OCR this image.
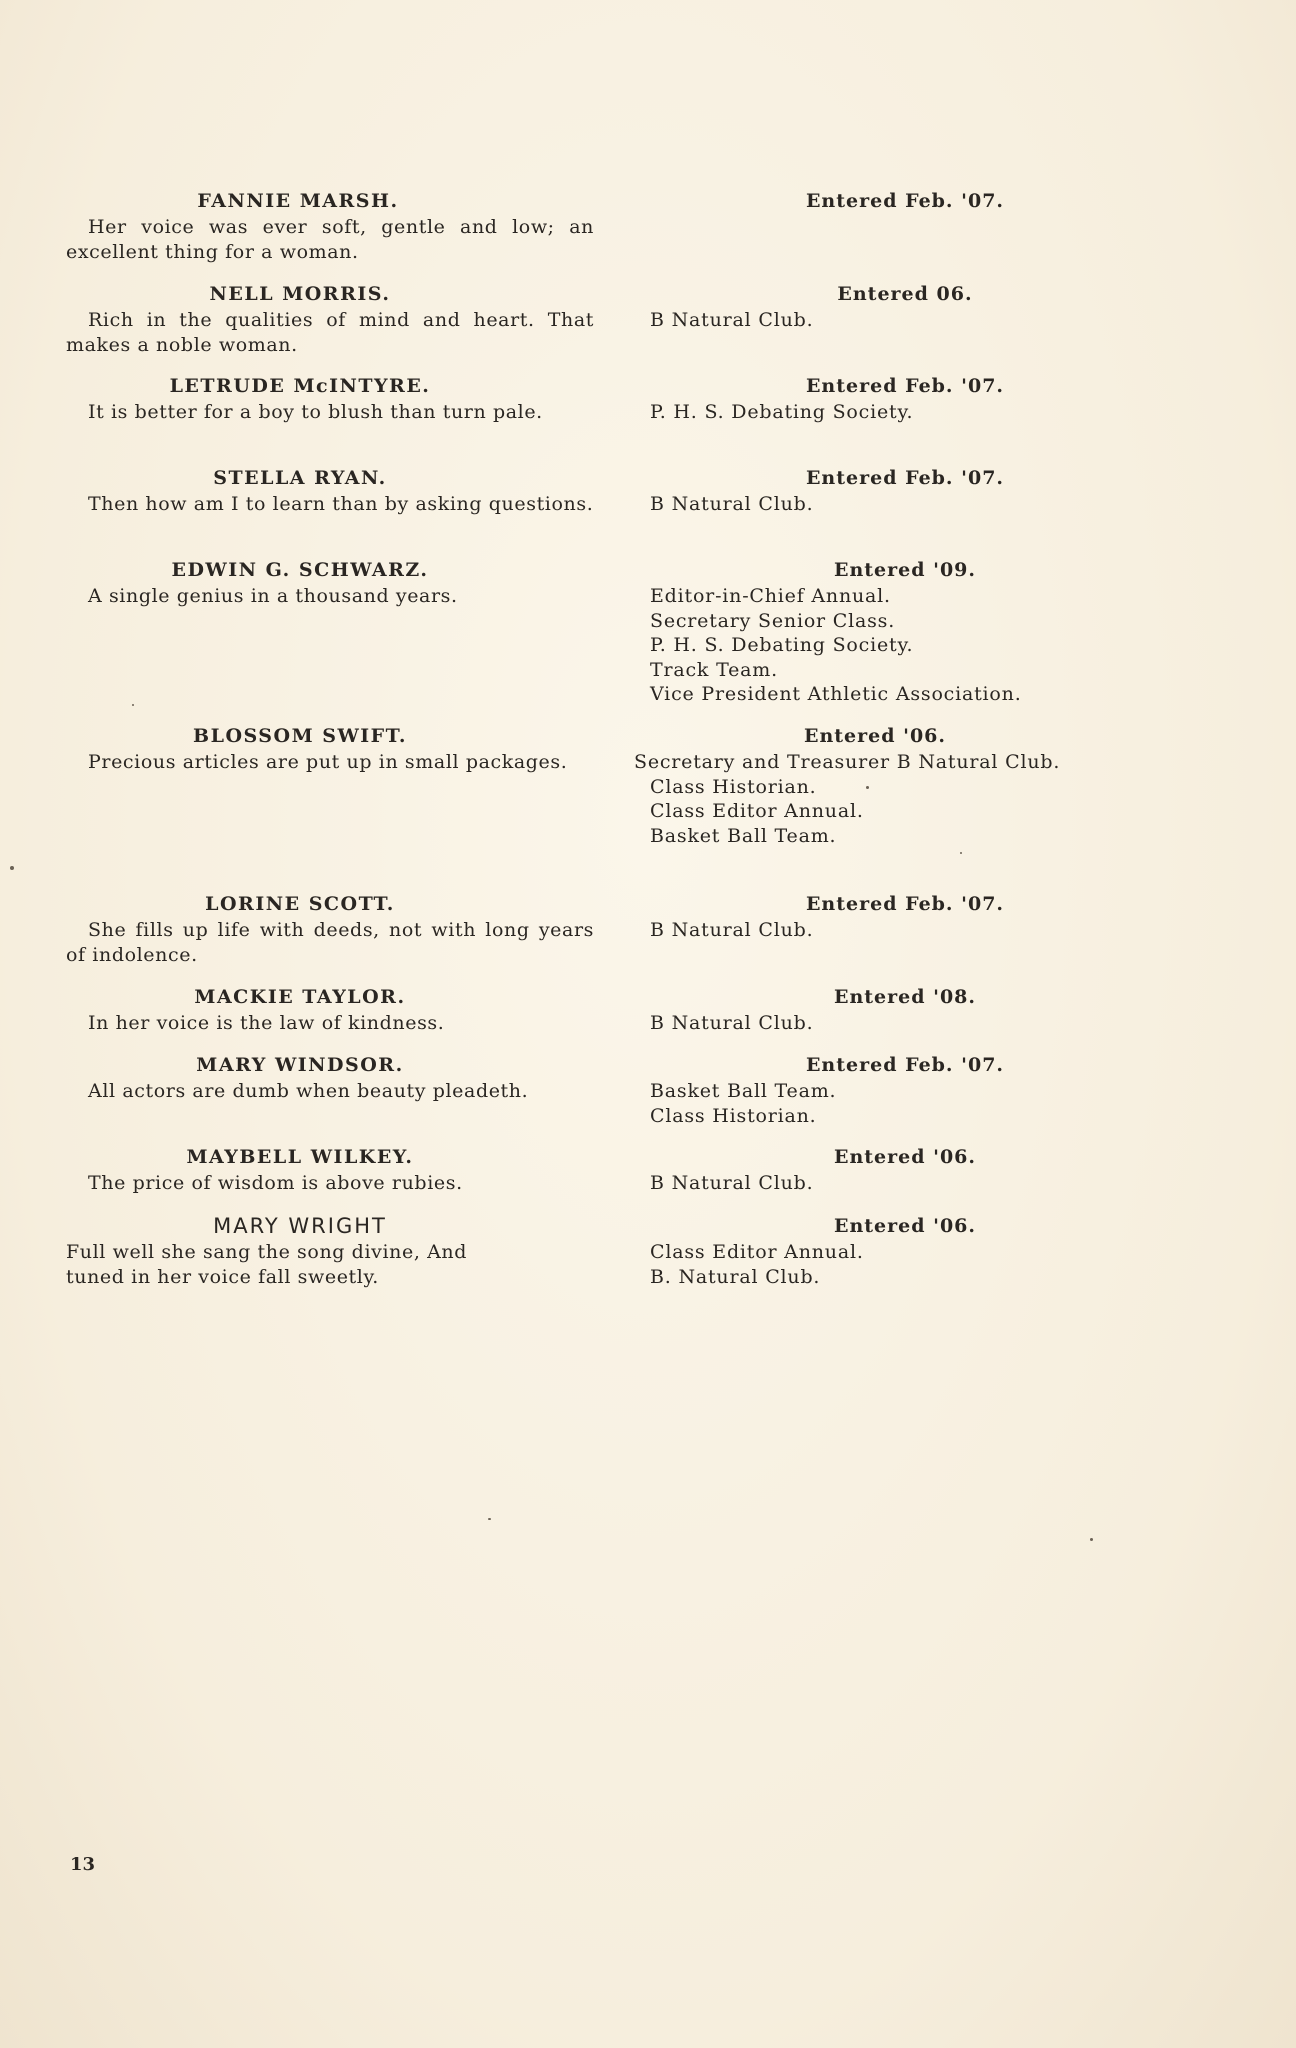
FANNIE MARSH.
Her voice was ever soft, gentle and low; an excellent thing for a woman.
Entered Feb. '07.
NELL MORRIS.
Rich in the qualities of mind and heart. That makes a noble woman.
Entered 06.
B Natural Club.
LETRUDE McINTYRE.
It is better for a boy to blush than turn pale.
Entered Feb. '07.
P. H. S. Debating Society.
STELLA RYAN.
Then how am I to learn than by asking questions.
Entered Feb. '07.
B Natural Club.
EDWIN G. SCHWARZ.
A single genius in a thousand years.
Entered '09.
Editor-in-Chief Annual.
Secretary Senior Class.
P. H. S. Debating Society.
Track Team.
Vice President Athletic Association.
BLOSSOM SWIFT.
Precious articles are put up in small packages.
Entered '06.
Secretary and Treasurer B Natural Club.
Class Historian.
Class Editor Annual.
Basket Ball Team.
LORINE SCOTT.
She fills up life with deeds, not with long years of indolence.
Entered Feb. '07.
B Natural Club.
MACKIE TAYLOR.
In her voice is the law of kindness.
Entered '08.
B Natural Club.
MARY WINDSOR.
All actors are dumb when beauty pleadeth.
Entered Feb. '07.
Basket Ball Team.
Class Historian.
MAYBELL WILKEY.
The price of wisdom is above rubies.
Entered '06.
B Natural Club.
MARY WRIGHT
Full well she sang the song divine, And tuned in her voice fall sweetly.
Entered '06.
Class Editor Annual.
B. Natural Club.
13
